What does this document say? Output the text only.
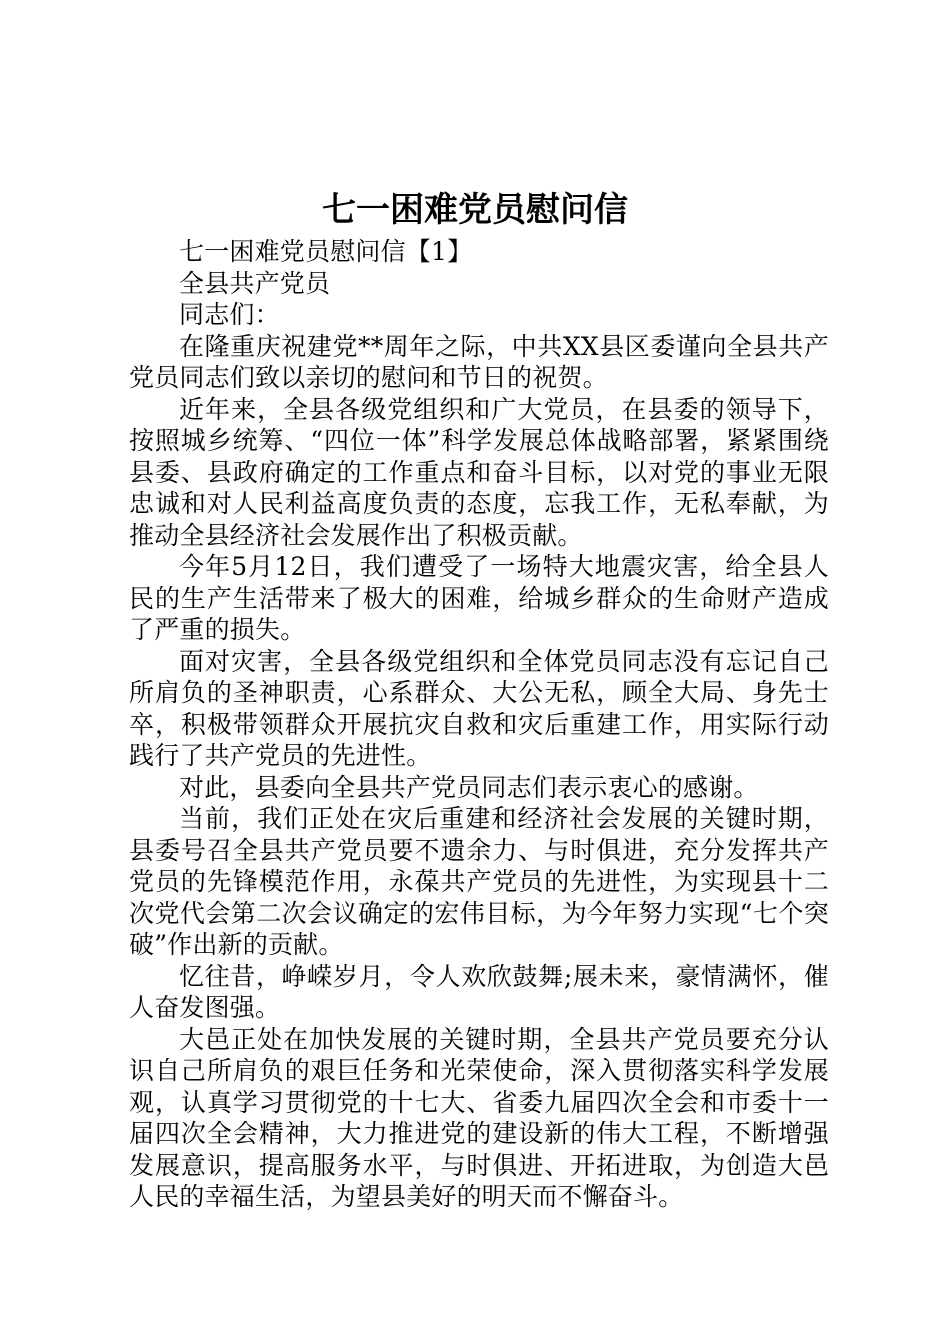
七一困难党员慰问信

七一困难党员慰问信【1】

全县共产党员

同志们：

在隆重庆祝建党**周年之际，中共XX县区委谨向全县共产党员同志们致以亲切的慰问和节日的祝贺。

近年来，全县各级党组织和广大党员，在县委的领导下，按照城乡统筹、“四位一体”科学发展总体战略部署，紧紧围绕县委、县政府确定的工作重点和奋斗目标，以对党的事业无限忠诚和对人民利益高度负责的态度，忘我工作，无私奉献，为推动全县经济社会发展作出了积极贡献。

今年5月12日，我们遭受了一场特大地震灾害，给全县人民的生产生活带来了极大的困难，给城乡群众的生命财产造成了严重的损失。

面对灾害，全县各级党组织和全体党员同志没有忘记自己所肩负的圣神职责，心系群众、大公无私，顾全大局、身先士卒，积极带领群众开展抗灾自救和灾后重建工作，用实际行动践行了共产党员的先进性。

对此，县委向全县共产党员同志们表示衷心的感谢。

当前，我们正处在灾后重建和经济社会发展的关键时期，县委号召全县共产党员要不遗余力、与时俱进，充分发挥共产党员的先锋模范作用，永葆共产党员的先进性，为实现县十二次党代会第二次会议确定的宏伟目标，为今年努力实现“七个突破”作出新的贡献。

忆往昔，峥嵘岁月，令人欢欣鼓舞;展未来，豪情满怀，催人奋发图强。

大邑正处在加快发展的关键时期，全县共产党员要充分认识自己所肩负的艰巨任务和光荣使命，深入贯彻落实科学发展观，认真学习贯彻党的十七大、省委九届四次全会和市委十一届四次全会精神，大力推进党的建设新的伟大工程，不断增强发展意识，提高服务水平，与时俱进、开拓进取，为创造大邑人民的幸福生活，为望县美好的明天而不懈奋斗。
